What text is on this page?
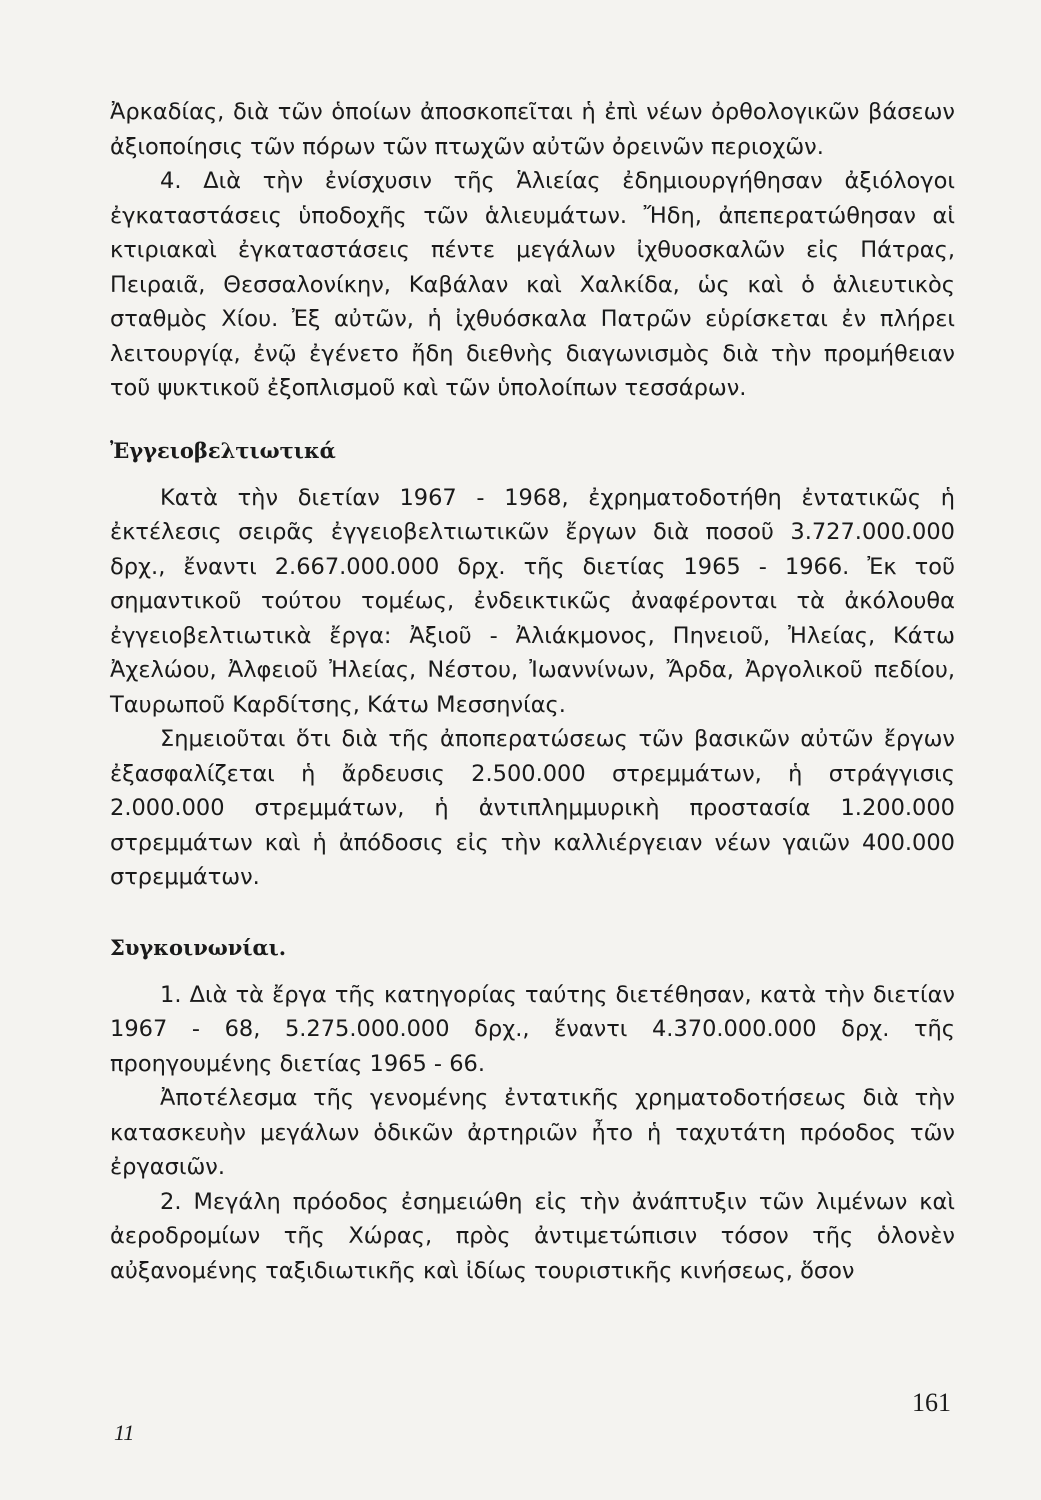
Ἀρκαδίας, διὰ τῶν ὁποίων ἀποσκοπεῖται ἡ ἐπὶ νέων ὀρθολογικῶν βάσεων ἀξιοποίησις τῶν πόρων τῶν πτωχῶν αὐτῶν ὀρεινῶν περιοχῶν.

4. Διὰ τὴν ἐνίσχυσιν τῆς Ἁλιείας ἐδημιουργήθησαν ἀξιόλογοι ἐγκαταστάσεις ὑποδοχῆς τῶν ἁλιευμάτων. Ἤδη, ἀπεπερατώθησαν αἱ κτιριακαὶ ἐγκαταστάσεις πέντε μεγάλων ἰχθυοσκαλῶν εἰς Πάτρας, Πειραιᾶ, Θεσσαλονίκην, Καβάλαν καὶ Χαλκίδα, ὡς καὶ ὁ ἁλιευτικὸς σταθμὸς Χίου. Ἐξ αὐτῶν, ἡ ἰχθυόσκαλα Πατρῶν εὑρίσκεται ἐν πλήρει λειτουργίᾳ, ἐνῷ ἐγένετο ἤδη διεθνὴς διαγωνισμὸς διὰ τὴν προμήθειαν τοῦ ψυκτικοῦ ἐξοπλισμοῦ καὶ τῶν ὑπολοίπων τεσσάρων.

Ἐγγειοβελτιωτικά

Κατὰ τὴν διετίαν 1967 - 1968, ἐχρηματοδοτήθη ἐντατικῶς ἡ ἐκτέλεσις σειρᾶς ἐγγειοβελτιωτικῶν ἔργων διὰ ποσοῦ 3.727.000.000 δρχ., ἔναντι 2.667.000.000 δρχ. τῆς διετίας 1965 - 1966. Ἐκ τοῦ σημαντικοῦ τούτου τομέως, ἐνδεικτικῶς ἀναφέρονται τὰ ἀκόλουθα ἐγγειοβελτιωτικὰ ἔργα: Ἀξιοῦ - Ἀλιάκμονος, Πηνειοῦ, Ἠλείας, Κάτω Ἀχελώου, Ἀλφειοῦ Ἠλείας, Νέστου, Ἰωαννίνων, Ἄρδα, Ἀργολικοῦ πεδίου, Ταυρωποῦ Καρδίτσης, Κάτω Μεσσηνίας.

Σημειοῦται ὅτι διὰ τῆς ἀποπερατώσεως τῶν βασικῶν αὐτῶν ἔργων ἐξασφαλίζεται ἡ ἄρδευσις 2.500.000 στρεμμάτων, ἡ στράγγισις 2.000.000 στρεμμάτων, ἡ ἀντιπλημμυρικὴ προστασία 1.200.000 στρεμμάτων καὶ ἡ ἀπόδοσις εἰς τὴν καλλιέργειαν νέων γαιῶν 400.000 στρεμμάτων.

Συγκοινωνίαι.

1. Διὰ τὰ ἔργα τῆς κατηγορίας ταύτης διετέθησαν, κατὰ τὴν διετίαν 1967 - 68, 5.275.000.000 δρχ., ἔναντι 4.370.000.000 δρχ. τῆς προηγουμένης διετίας 1965 - 66.

Ἀποτέλεσμα τῆς γενομένης ἐντατικῆς χρηματοδοτήσεως διὰ τὴν κατασκευὴν μεγάλων ὁδικῶν ἀρτηριῶν ἦτο ἡ ταχυτάτη πρόοδος τῶν ἐργασιῶν.

2. Μεγάλη πρόοδος ἐσημειώθη εἰς τὴν ἀνάπτυξιν τῶν λιμένων καὶ ἀεροδρομίων τῆς Χώρας, πρὸς ἀντιμετώπισιν τόσον τῆς ὁλονὲν αὐξανομένης ταξιδιωτικῆς καὶ ἰδίως τουριστικῆς κινήσεως, ὅσον

161
11
